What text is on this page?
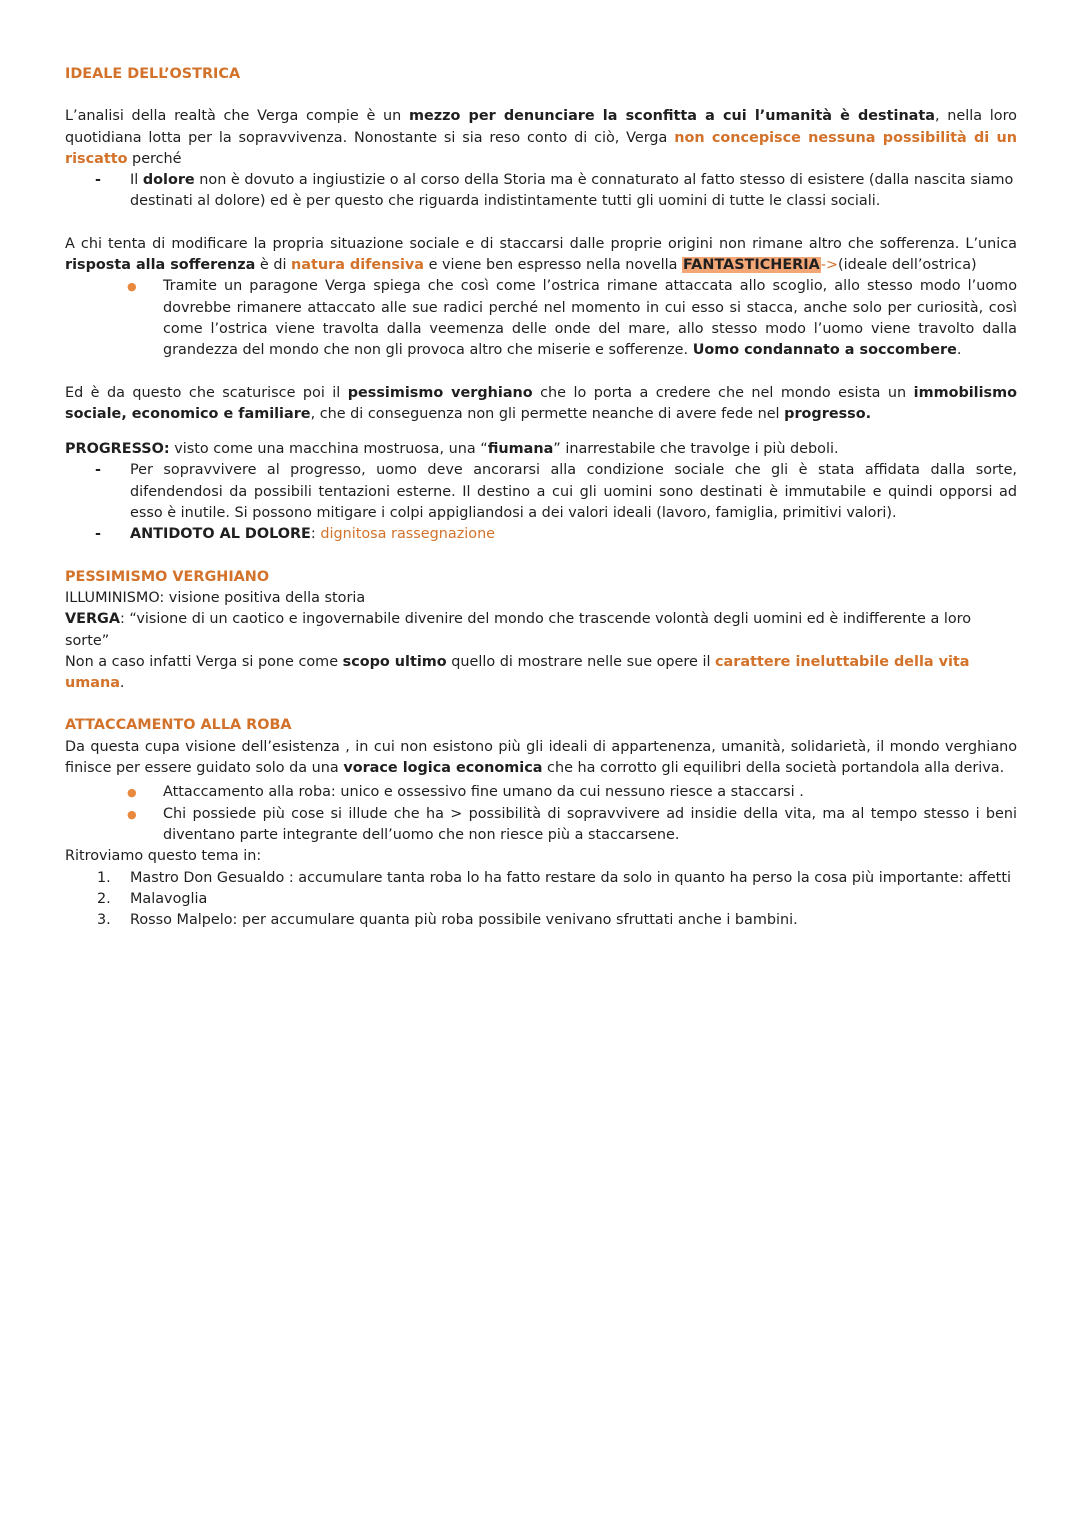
IDEALE DELL’OSTRICA

L’analisi della realtà che Verga compie è un mezzo per denunciare la sconfitta a cui l’umanità è destinata, nella loro quotidiana lotta per la sopravvivenza. Nonostante si sia reso conto di ciò, Verga non concepisce nessuna possibilità di un riscatto perché

- Il dolore non è dovuto a ingiustizie o al corso della Storia ma è connaturato al fatto stesso di esistere (dalla nascita siamo destinati al dolore) ed è per questo che riguarda indistintamente tutti gli uomini di tutte le classi sociali.

A chi tenta di modificare la propria situazione sociale e di staccarsi dalle proprie origini non rimane altro che sofferenza. L’unica risposta alla sofferenza è di natura difensiva e viene ben espresso nella novella FANTASTICHERIA->(ideale dell’ostrica)

● Tramite un paragone Verga spiega che così come l’ostrica rimane attaccata allo scoglio, allo stesso modo l’uomo dovrebbe rimanere attaccato alle sue radici perché nel momento in cui esso si stacca, anche solo per curiosità, così come l’ostrica viene travolta dalla veemenza delle onde del mare, allo stesso modo l’uomo viene travolto dalla grandezza del mondo che non gli provoca altro che miserie e sofferenze. Uomo condannato a soccombere.

Ed è da questo che scaturisce poi il pessimismo verghiano che lo porta a credere che nel mondo esista un immobilismo sociale, economico e familiare, che di conseguenza non gli permette neanche di avere fede nel progresso.

PROGRESSO: visto come una macchina mostruosa, una “fiumana” inarrestabile che travolge i più deboli.

- Per sopravvivere al progresso, uomo deve ancorarsi alla condizione sociale che gli è stata affidata dalla sorte, difendendosi da possibili tentazioni esterne. Il destino a cui gli uomini sono destinati è immutabile e quindi opporsi ad esso è inutile. Si possono mitigare i colpi appigliandosi a dei valori ideali (lavoro, famiglia, primitivi valori).
- ANTIDOTO AL DOLORE: dignitosa rassegnazione

PESSIMISMO VERGHIANO

ILLUMINISMO: visione positiva della storia

VERGA: “visione di un caotico e ingovernabile divenire del mondo che trascende volontà degli uomini ed è indifferente a loro sorte”

Non a caso infatti Verga si pone come scopo ultimo quello di mostrare nelle sue opere il carattere ineluttabile della vita umana.

ATTACCAMENTO ALLA ROBA

Da questa cupa visione dell’esistenza , in cui non esistono più gli ideali di appartenenza, umanità, solidarietà, il mondo verghiano finisce per essere guidato solo da una vorace logica economica che ha corrotto gli equilibri della società portandola alla deriva.

● Attaccamento alla roba: unico e ossessivo fine umano da cui nessuno riesce a staccarsi .
● Chi possiede più cose si illude che ha > possibilità di sopravvivere ad insidie della vita, ma al tempo stesso i beni diventano parte integrante dell’uomo che non riesce più a staccarsene.

Ritroviamo questo tema in:

1. Mastro Don Gesualdo : accumulare tanta roba lo ha fatto restare da solo in quanto ha perso la cosa più importante: affetti
2. Malavoglia
3. Rosso Malpelo: per accumulare quanta più roba possibile venivano sfruttati anche i bambini.
